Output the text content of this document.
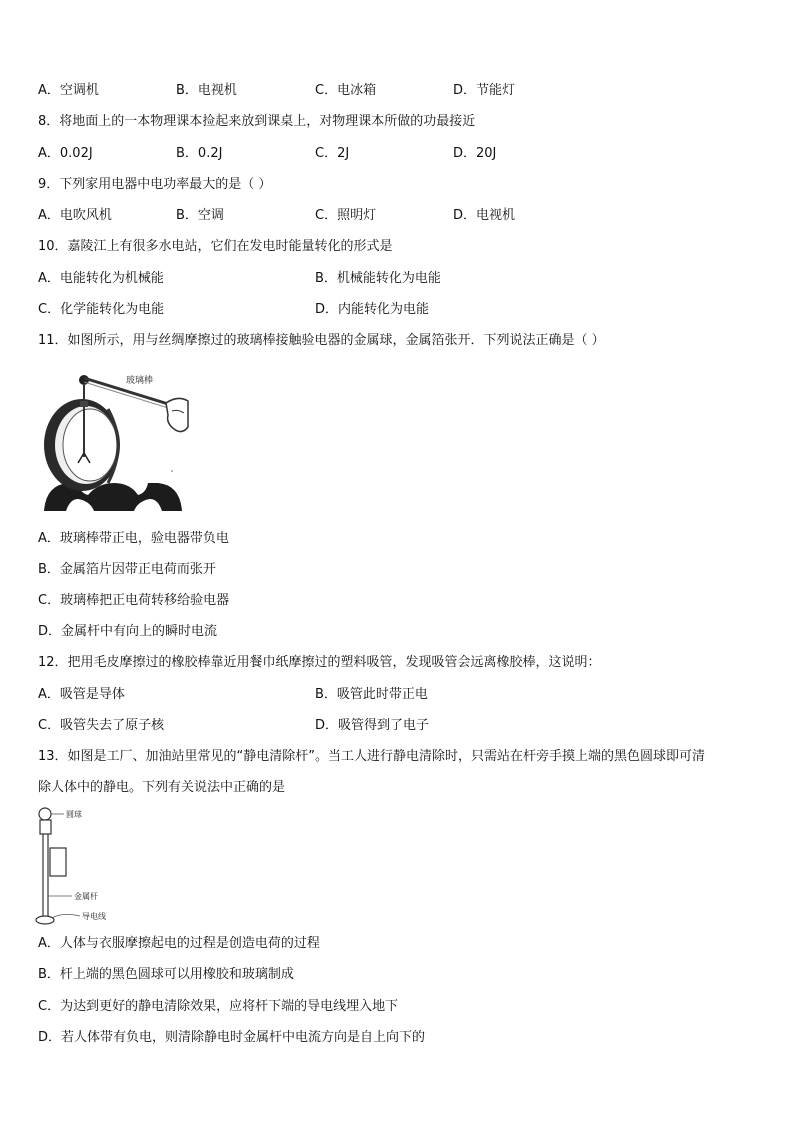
A．空调机	B．电视机	C．电冰箱	D．节能灯
8．将地面上的一本物理课本捡起来放到课桌上，对物理课本所做的功最接近
A．0.02J	B．0.2J	C．2J	D．20J
9．下列家用电器中电功率最大的是（ ）
A．电吹风机	B．空调	C．照明灯	D．电视机
10．嘉陵江上有很多水电站，它们在发电时能量转化的形式是
A．电能转化为机械能	B．机械能转化为电能
C．化学能转化为电能	D．内能转化为电能
11．如图所示，用与丝绸摩擦过的玻璃棒接触验电器的金属球，金属箔张开．下列说法正确是（ ）
玻璃棒
A．玻璃棒带正电，验电器带负电
B．金属箔片因带正电荷而张开
C．玻璃棒把正电荷转移给验电器
D．金属杆中有向上的瞬时电流
12．把用毛皮摩擦过的橡胶棒靠近用餐巾纸摩擦过的塑料吸管，发现吸管会远离橡胶棒，这说明：
A．吸管是导体	B．吸管此时带正电
C．吸管失去了原子核	D．吸管得到了电子
13．如图是工厂、加油站里常见的“静电清除杆”。当工人进行静电清除时，只需站在杆旁手摸上端的黑色圆球即可清
除人体中的静电。下列有关说法中正确的是
圆球
金属杆
导电线
A．人体与衣服摩擦起电的过程是创造电荷的过程
B．杆上端的黑色圆球可以用橡胶和玻璃制成
C．为达到更好的静电清除效果，应将杆下端的导电线埋入地下
D．若人体带有负电，则清除静电时金属杆中电流方向是自上向下的
